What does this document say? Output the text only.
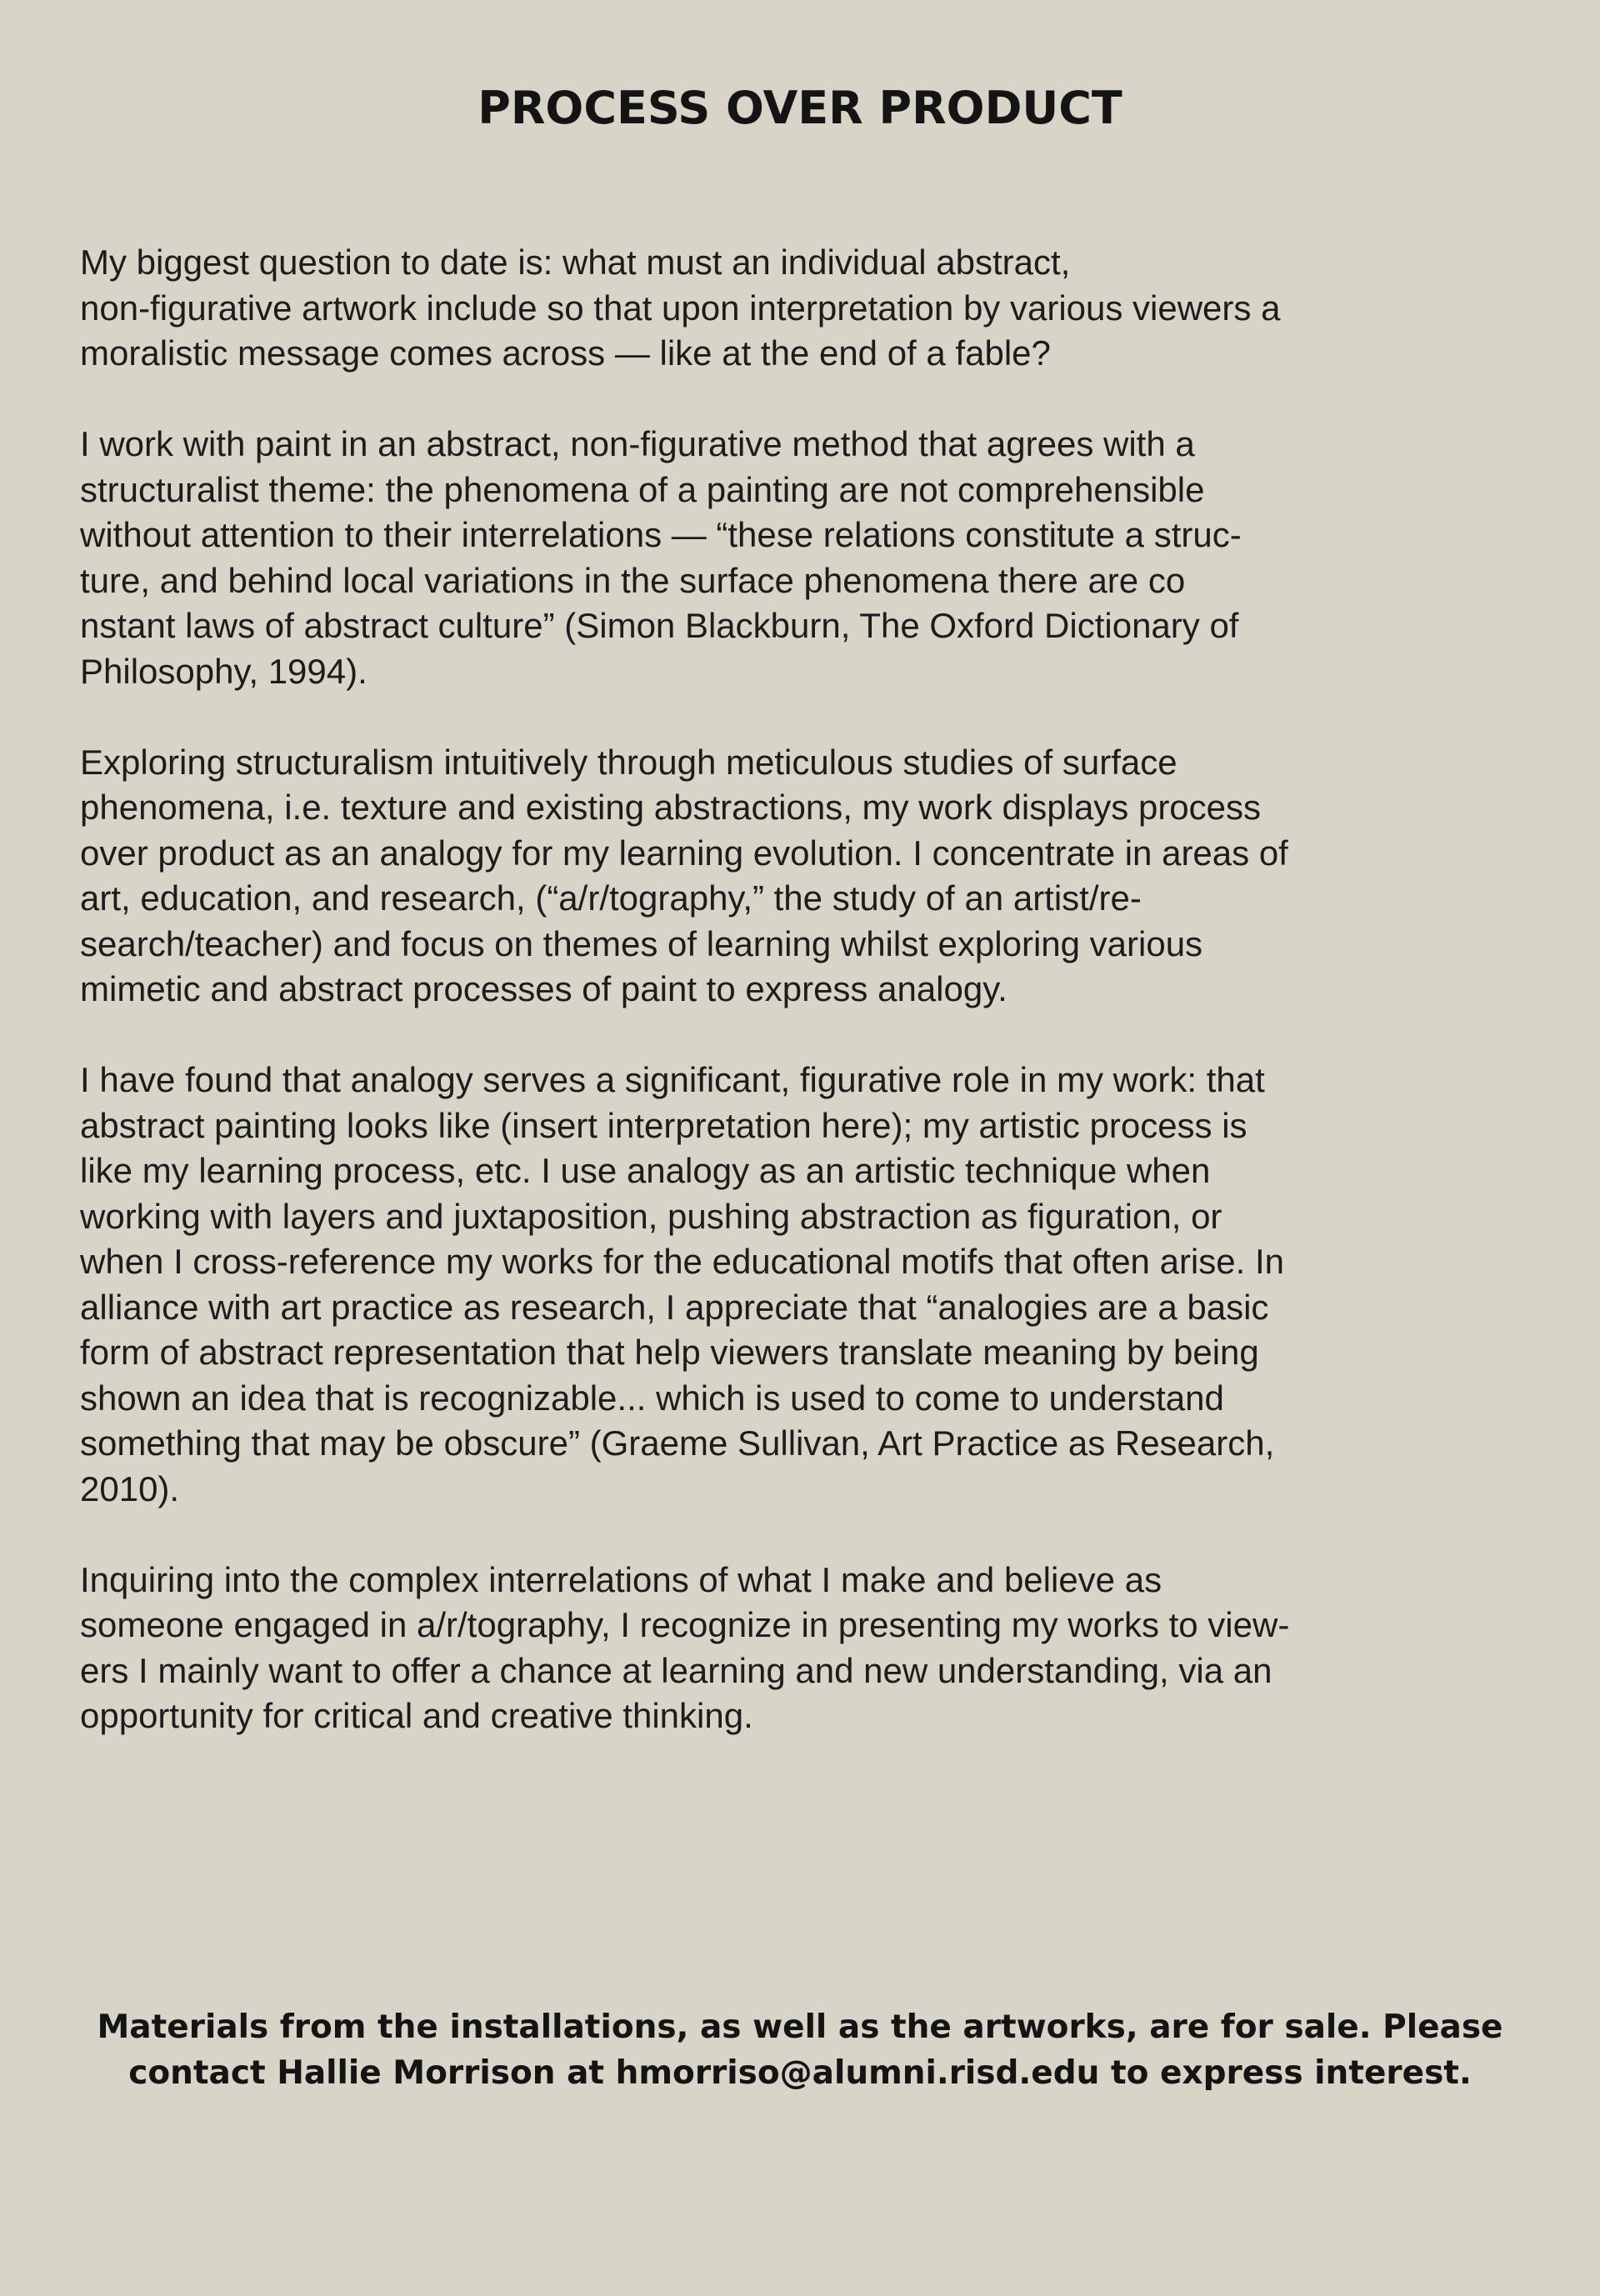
PROCESS OVER PRODUCT

My biggest question to date is: what must an individual abstract,
non-figurative artwork include so that upon interpretation by various viewers a
moralistic message comes across — like at the end of a fable?

I work with paint in an abstract, non-figurative method that agrees with a
structuralist theme: the phenomena of a painting are not comprehensible
without attention to their interrelations — “these relations constitute a struc-
ture, and behind local variations in the surface phenomena there are co
nstant laws of abstract culture” (Simon Blackburn, The Oxford Dictionary of
Philosophy, 1994).

Exploring structuralism intuitively through meticulous studies of surface
phenomena, i.e. texture and existing abstractions, my work displays process
over product as an analogy for my learning evolution. I concentrate in areas of
art, education, and research, (“a/r/tography,” the study of an artist/re-
search/teacher) and focus on themes of learning whilst exploring various
mimetic and abstract processes of paint to express analogy.

I have found that analogy serves a significant, figurative role in my work: that
abstract painting looks like (insert interpretation here); my artistic process is
like my learning process, etc. I use analogy as an artistic technique when
working with layers and juxtaposition, pushing abstraction as figuration, or
when I cross-reference my works for the educational motifs that often arise. In
alliance with art practice as research, I appreciate that “analogies are a basic
form of abstract representation that help viewers translate meaning by being
shown an idea that is recognizable... which is used to come to understand
something that may be obscure” (Graeme Sullivan, Art Practice as Research,
2010).

Inquiring into the complex interrelations of what I make and believe as
someone engaged in a/r/tography, I recognize in presenting my works to view-
ers I mainly want to offer a chance at learning and new understanding, via an
opportunity for critical and creative thinking.

Materials from the installations, as well as the artworks, are for sale. Please
contact Hallie Morrison at hmorriso@alumni.risd.edu to express interest.
